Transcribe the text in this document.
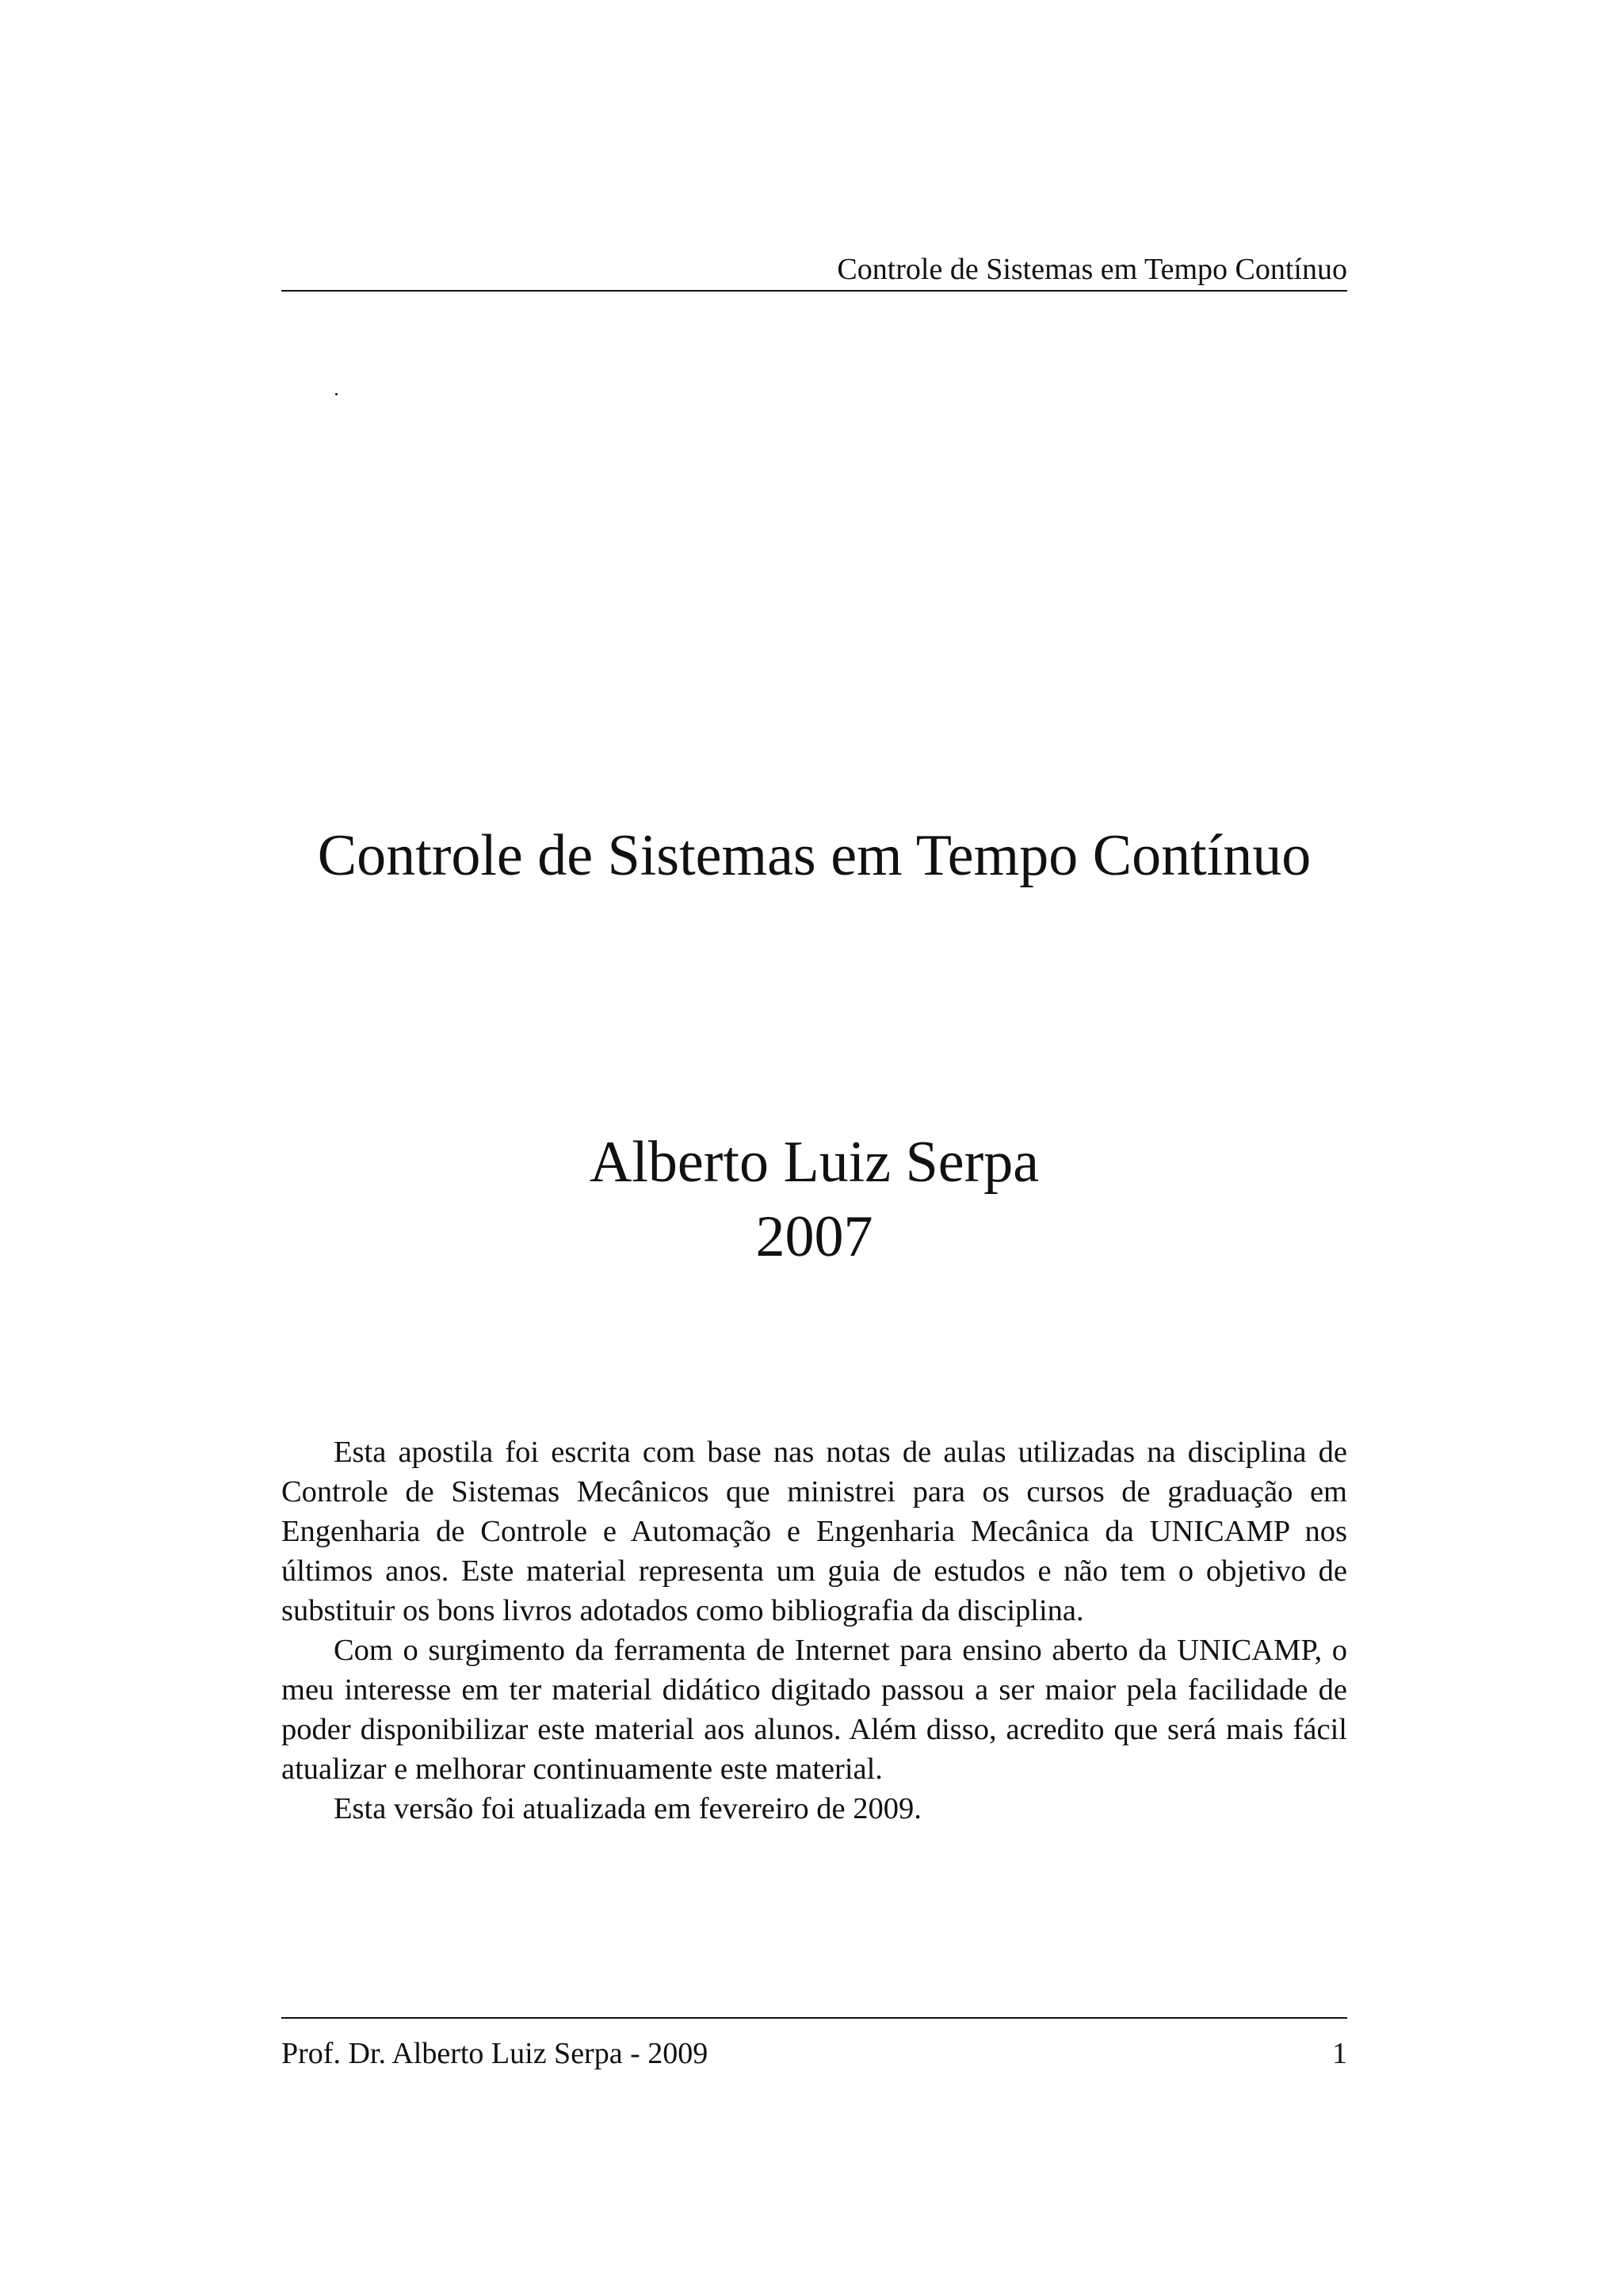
Controle de Sistemas em Tempo Contínuo
Controle de Sistemas em Tempo Contínuo
Alberto Luiz Serpa
2007

Esta apostila foi escrita com base nas notas de aulas utilizadas na disciplina de Controle de Sistemas Mecânicos que ministrei para os cursos de graduação em Engenharia de Controle e Automação e Engenharia Mecânica da UNICAMP nos últimos anos. Este material representa um guia de estudos e não tem o objetivo de substituir os bons livros adotados como bibliografia da disciplina.

Com o surgimento da ferramenta de Internet para ensino aberto da UNICAMP, o meu interesse em ter material didático digitado passou a ser maior pela facilidade de poder disponibilizar este material aos alunos. Além disso, acredito que será mais fácil atualizar e melhorar continuamente este material.

Esta versão foi atualizada em fevereiro de 2009.

Prof. Dr. Alberto Luiz Serpa - 2009	1
